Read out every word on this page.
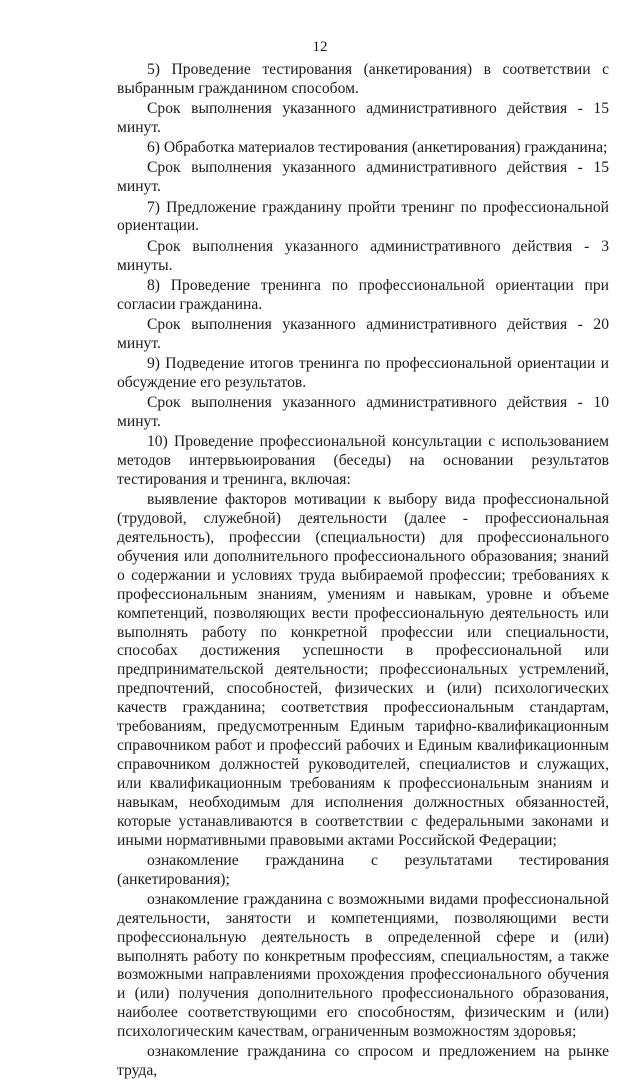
12

5) Проведение тестирования (анкетирования) в соответствии с выбранным гражданином способом.

Срок выполнения указанного административного действия - 15 минут.

6) Обработка материалов тестирования (анкетирования) гражданина;

Срок выполнения указанного административного действия - 15 минут.

7) Предложение гражданину пройти тренинг по профессиональной ориентации.

Срок выполнения указанного административного действия - 3 минуты.

8) Проведение тренинга по профессиональной ориентации при согласии гражданина.

Срок выполнения указанного административного действия - 20 минут.

9) Подведение итогов тренинга по профессиональной ориентации и обсуждение его результатов.

Срок выполнения указанного административного действия - 10 минут.

10) Проведение профессиональной консультации с использованием методов интервьюирования (беседы) на основании результатов тестирования и тренинга, включая:

выявление факторов мотивации к выбору вида профессиональной (трудовой, служебной) деятельности (далее - профессиональная деятельность), профессии (специальности) для профессионального обучения или дополнительного профессионального образования; знаний о содержании и условиях труда выбираемой профессии; требованиях к профессиональным знаниям, умениям и навыкам, уровне и объеме компетенций, позволяющих вести профессиональную деятельность или выполнять работу по конкретной профессии или специальности, способах достижения успешности в профессиональной или предпринимательской деятельности; профессиональных устремлений, предпочтений, способностей, физических и (или) психологических качеств гражданина; соответствия профессиональным стандартам, требованиям, предусмотренным Единым тарифно-квалификационным справочником работ и профессий рабочих и Единым квалификационным справочником должностей руководителей, специалистов и служащих, или квалификационным требованиям к профессиональным знаниям и навыкам, необходимым для исполнения должностных обязанностей, которые устанавливаются в соответствии с федеральными законами и иными нормативными правовыми актами Российской Федерации;

ознакомление гражданина с результатами тестирования (анкетирования);

ознакомление гражданина с возможными видами профессиональной деятельности, занятости и компетенциями, позволяющими вести профессиональную деятельность в определенной сфере и (или) выполнять работу по конкретным профессиям, специальностям, а также возможными направлениями прохождения профессионального обучения и (или) получения дополнительного профессионального образования, наиболее соответствующими его способностям, физическим и (или) психологическим качествам, ограниченным возможностям здоровья;

ознакомление гражданина со спросом и предложением на рынке труда,
